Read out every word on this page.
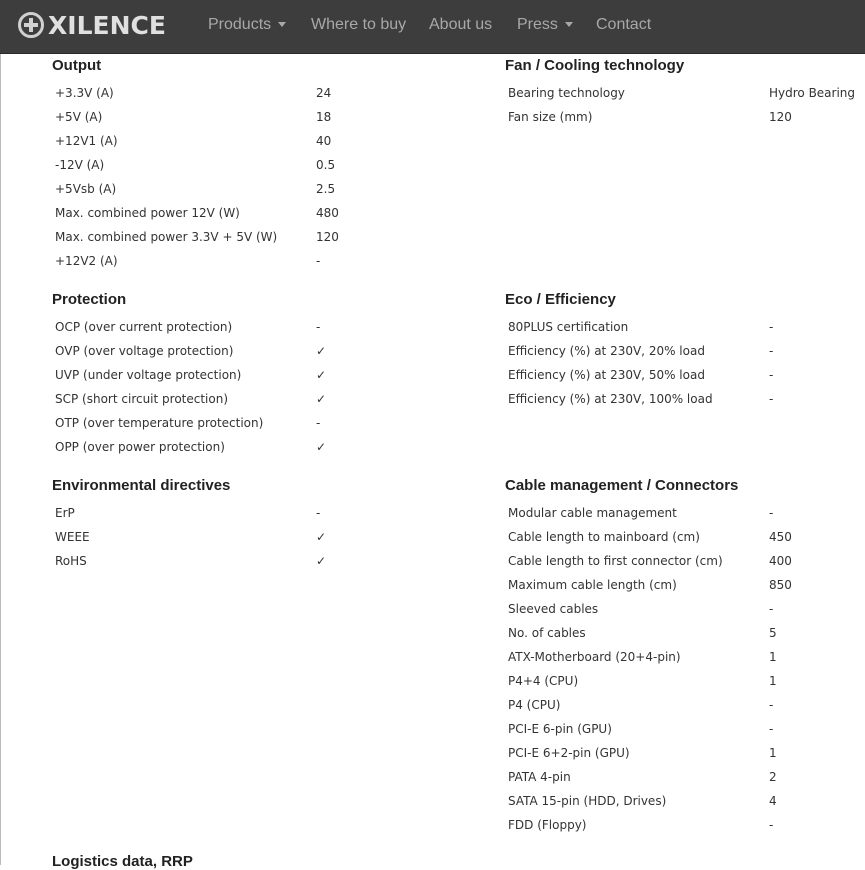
XILENCE	Products	Where to buy About us Press	Contact
Output
+3.3V (A)	24
+5V (A)	18
+12V1 (A)	40
-12V (A)	0.5
+5Vsb (A)	2.5
Max. combined power 12V (W)	480
Max. combined power 3.3V + 5V (W)	120
+12V2 (A)	-
Fan / Cooling technology
Bearing technology	Hydro Bearing
Fan size (mm)	120
Protection
OCP (over current protection)	-
OVP (over voltage protection)	✓
UVP (under voltage protection)	✓
SCP (short circuit protection)	✓
OTP (over temperature protection)	-
OPP (over power protection)	✓
Eco / Efficiency
80PLUS certification	-
Efficiency (%) at 230V, 20% load	-
Efficiency (%) at 230V, 50% load	-
Efficiency (%) at 230V, 100% load	-
Environmental directives
ErP	-
WEEE	✓
RoHS	✓
Cable management / Connectors
Modular cable management	-
Cable length to mainboard (cm)	450
Cable length to first connector (cm)	400
Maximum cable length (cm)	850
Sleeved cables	-
No. of cables	5
ATX-Motherboard (20+4-pin)	1
P4+4 (CPU)	1
P4 (CPU)	-
PCI-E 6-pin (GPU)	-
PCI-E 6+2-pin (GPU)	1
PATA 4-pin	2
SATA 15-pin (HDD, Drives)	4
FDD (Floppy)	-
Logistics data, RRP
